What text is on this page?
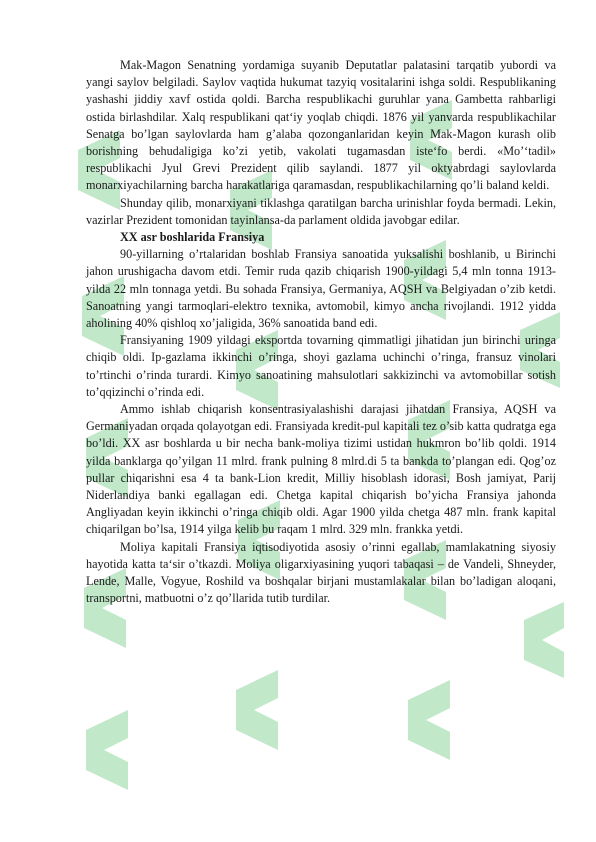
Mak-Magon Senatning yordamiga suyanib Deputatlar palatasini tarqatib yubordi va yangi saylov belgiladi. Saylov vaqtida hukumat tazyiq vositalarini ishga soldi. Respublikaning yashashi jiddiy xavf ostida qoldi. Barcha respublikachi guruhlar yana Gambetta rahbarligi ostida birlashdilar. Xalq respublikani qat‘iy yoqlab chiqdi. 1876 yil yanvarda respublikachilar Senatga bo’lgan saylovlarda ham g’alaba qozonganlaridan keyin Mak-Magon kurash olib borishning behudaligiga ko’zi yetib, vakolati tugamasdan iste‘fo berdi. «Mo’‘tadil» respublikachi Jyul Grevi Prezident qilib saylandi. 1877 yil oktyabrdagi saylovlarda monarxiyachilarning barcha harakatlariga qaramasdan, respublikachilarning qo’li baland keldi.

Shunday qilib, monarxiyani tiklashga qaratilgan barcha urinishlar foyda bermadi. Lekin, vazirlar Prezident tomonidan tayinlansa-da parlament oldida javobgar edilar.

XX asr boshlarida Fransiya

90-yillarning o’rtalaridan boshlab Fransiya sanoatida yuksalishi boshlanib, u Birinchi jahon urushigacha davom etdi. Temir ruda qazib chiqarish 1900-yildagi 5,4 mln tonna 1913-yilda 22 mln tonnaga yetdi. Bu sohada Fransiya, Germaniya, AQSH va Belgiyadan o’zib ketdi. Sanoatning yangi tarmoqlari-elektro texnika, avtomobil, kimyo ancha rivojlandi. 1912 yidda aholining 40% qishloq xo’jaligida, 36% sanoatida band edi.

Fransiyaning 1909 yildagi eksportda tovarning qimmatligi jihatidan jun birinchi uringa chiqib oldi. Ip-gazlama ikkinchi o’ringa, shoyi gazlama uchinchi o’ringa, fransuz vinolari to’rtinchi o’rinda turardi. Kimyo sanoatining mahsulotlari sakkizinchi va avtomobillar sotish to’qqizinchi o’rinda edi.

Ammo ishlab chiqarish konsentrasiyalashishi darajasi jihatdan Fransiya, AQSH va Germaniyadan orqada qolayotgan edi. Fransiyada kredit-pul kapitali tez o’sib katta qudratga ega bo’ldi. XX asr boshlarda u bir necha bank-moliya tizimi ustidan hukmron bo’lib qoldi. 1914 yilda banklarga qo’yilgan 11 mlrd. frank pulning 8 mlrd.di 5 ta bankda to’plangan edi. Qog’oz pullar chiqarishni esa 4 ta bank-Lion kredit, Milliy hisoblash idorasi, Bosh jamiyat, Parij Niderlandiya banki egallagan edi. Chetga kapital chiqarish bo’yicha Fransiya jahonda Angliyadan keyin ikkinchi o’ringa chiqib oldi. Agar 1900 yilda chetga 487 mln. frank kapital chiqarilgan bo’lsa, 1914 yilga kelib bu raqam 1 mlrd. 329 mln. frankka yetdi.

Moliya kapitali Fransiya iqtisodiyotida asosiy o’rinni egallab, mamlakatning siyosiy hayotida katta ta‘sir o’tkazdi. Moliya oligarxiyasining yuqori tabaqasi – de Vandeli, Shneyder, Lende, Malle, Vogyue, Roshild va boshqalar birjani mustamlakalar bilan bo’ladigan aloqani, transportni, matbuotni o’z qo’llarida tutib turdilar.
